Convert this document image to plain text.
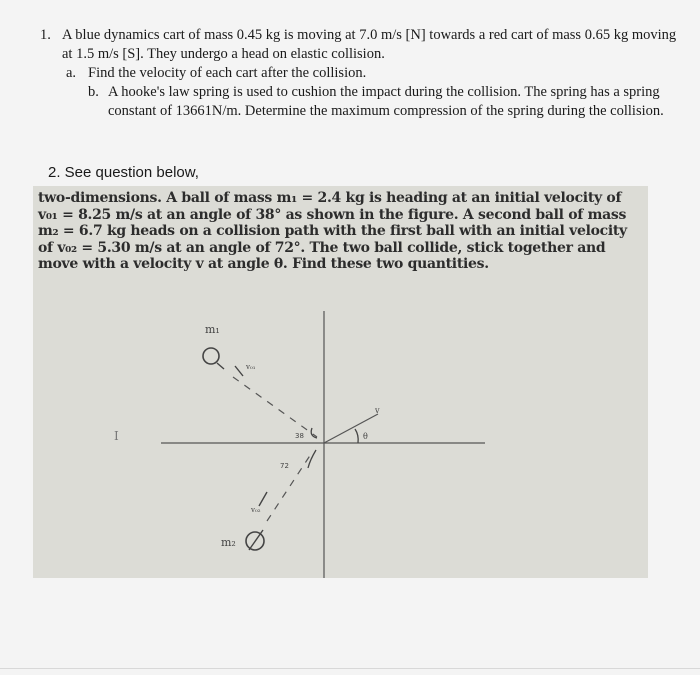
1. A blue dynamics cart of mass 0.45 kg is moving at 7.0 m/s [N] towards a red cart of mass 0.65 kg moving at 1.5 m/s [S]. They undergo a head on elastic collision.
a. Find the velocity of each cart after the collision.
b. A hooke's law spring is used to cushion the impact during the collision. The spring has a spring constant of 13661N/m. Determine the maximum compression of the spring during the collision.
2. See question below,
two-dimensions. A ball of mass m₁ = 2.4 kg is heading at an initial velocity of v₀₁ = 8.25 m/s at an angle of 38° as shown in the figure. A second ball of mass m₂ = 6.7 kg heads on a collision path with the first ball with an initial velocity of v₀₂ = 5.30 m/s at an angle of 72°. The two ball collide, stick together and move with a velocity v at angle θ. Find these two quantities.
m₁
v₀₁
m₂
v₀₂
38
72
θ
v
I
